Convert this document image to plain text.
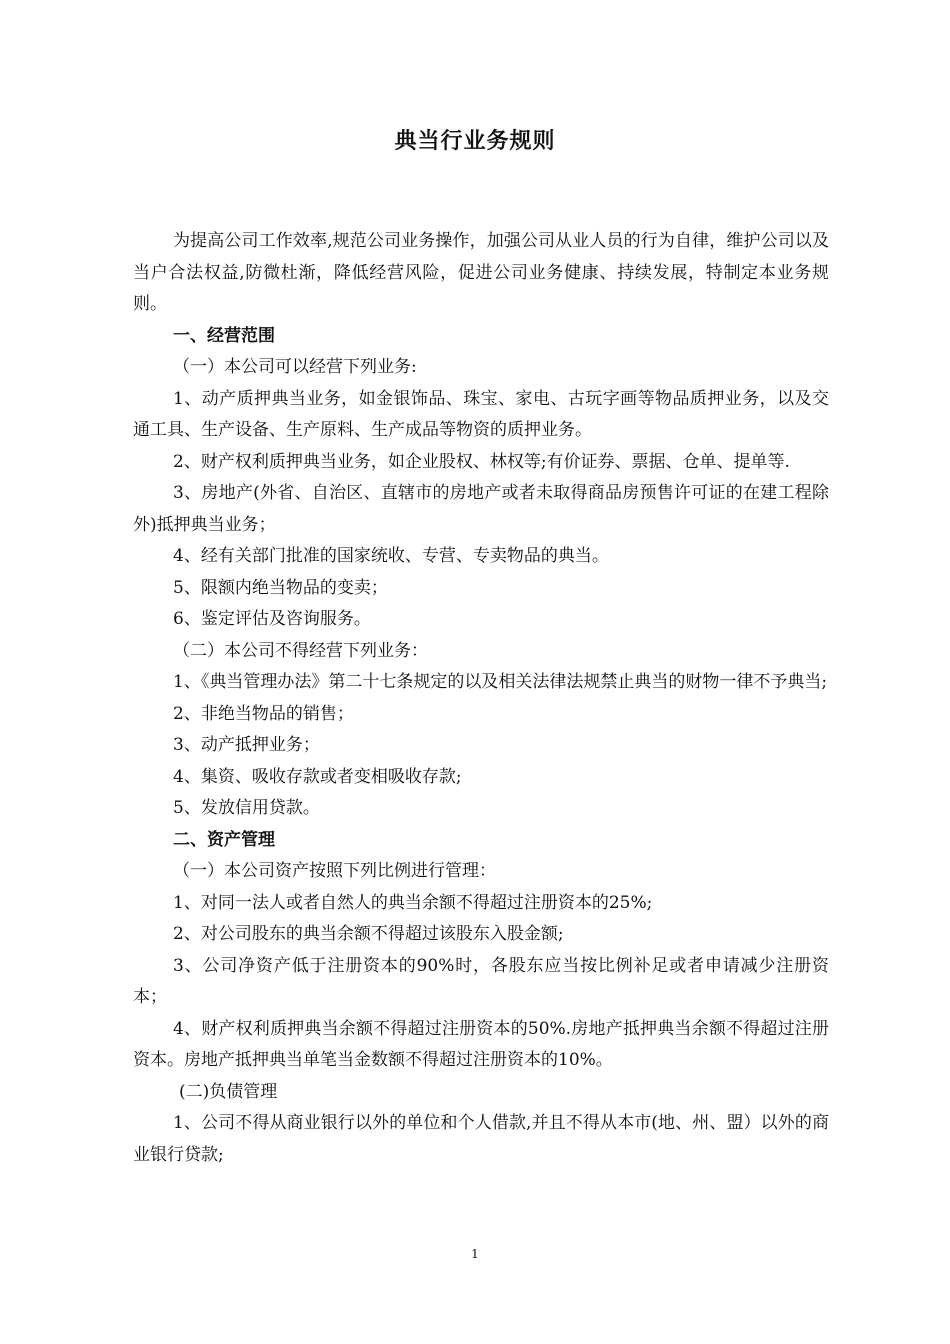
典当行业务规则

为提高公司工作效率,规范公司业务操作，加强公司从业人员的行为自律，维护公司以及当户合法权益,防微杜渐，降低经营风险，促进公司业务健康、持续发展，特制定本业务规则。

一、经营范围

（一）本公司可以经营下列业务:

1、动产质押典当业务，如金银饰品、珠宝、家电、古玩字画等物品质押业务，以及交通工具、生产设备、生产原料、生产成品等物资的质押业务。

2、财产权利质押典当业务，如企业股权、林权等;有价证券、票据、仓单、提单等.

3、房地产(外省、自治区、直辖市的房地产或者未取得商品房预售许可证的在建工程除外)抵押典当业务；

4、经有关部门批准的国家统收、专营、专卖物品的典当。

5、限额内绝当物品的变卖；

6、鉴定评估及咨询服务。

（二）本公司不得经营下列业务：

1、《典当管理办法》第二十七条规定的以及相关法律法规禁止典当的财物一律不予典当;

2、非绝当物品的销售；

3、动产抵押业务；

4、集资、吸收存款或者变相吸收存款;

5、发放信用贷款。

二、资产管理

（一）本公司资产按照下列比例进行管理：

1、对同一法人或者自然人的典当余额不得超过注册资本的25%;

2、对公司股东的典当余额不得超过该股东入股金额;

3、公司净资产低于注册资本的90%时，各股东应当按比例补足或者申请减少注册资本；

4、财产权利质押典当余额不得超过注册资本的50%.房地产抵押典当余额不得超过注册资本。房地产抵押典当单笔当金数额不得超过注册资本的10%。

(二)负债管理

1、公司不得从商业银行以外的单位和个人借款,并且不得从本市(地、州、盟）以外的商业银行贷款;

1
